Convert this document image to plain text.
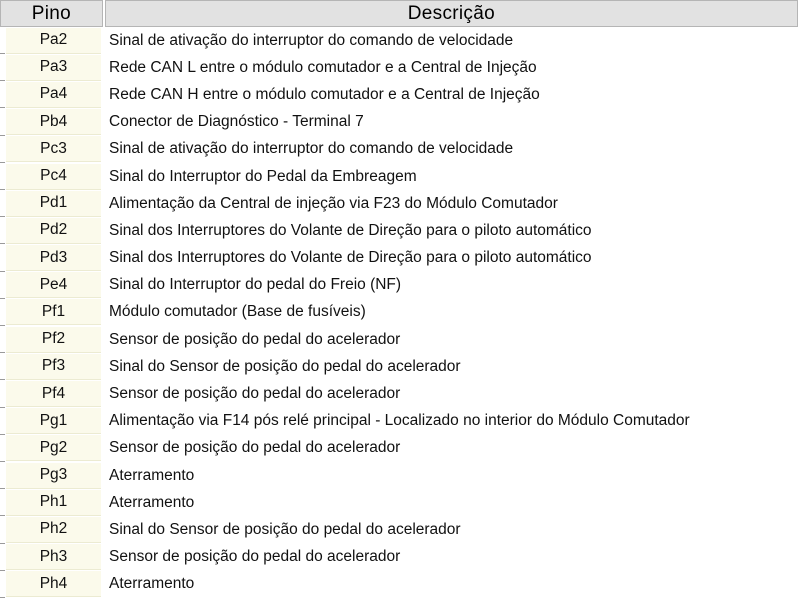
Pino	Descrição
Pa2	Sinal de ativação do interruptor do comando de velocidade
Pa3	Rede CAN L entre o módulo comutador e a Central de Injeção
Pa4	Rede CAN H entre o módulo comutador e a Central de Injeção
Pb4	Conector de Diagnóstico - Terminal 7
Pc3	Sinal de ativação do interruptor do comando de velocidade
Pc4	Sinal do Interruptor do Pedal da Embreagem
Pd1	Alimentação da Central de injeção via F23 do Módulo Comutador
Pd2	Sinal dos Interruptores do Volante de Direção para o piloto automático
Pd3	Sinal dos Interruptores do Volante de Direção para o piloto automático
Pe4	Sinal do Interruptor do pedal do Freio (NF)
Pf1	Módulo comutador (Base de fusíveis)
Pf2	Sensor de posição do pedal do acelerador
Pf3	Sinal do Sensor de posição do pedal do acelerador
Pf4	Sensor de posição do pedal do acelerador
Pg1	Alimentação via F14 pós relé principal - Localizado no interior do Módulo Comutador
Pg2	Sensor de posição do pedal do acelerador
Pg3	Aterramento
Ph1	Aterramento
Ph2	Sinal do Sensor de posição do pedal do acelerador
Ph3	Sensor de posição do pedal do acelerador
Ph4	Aterramento
